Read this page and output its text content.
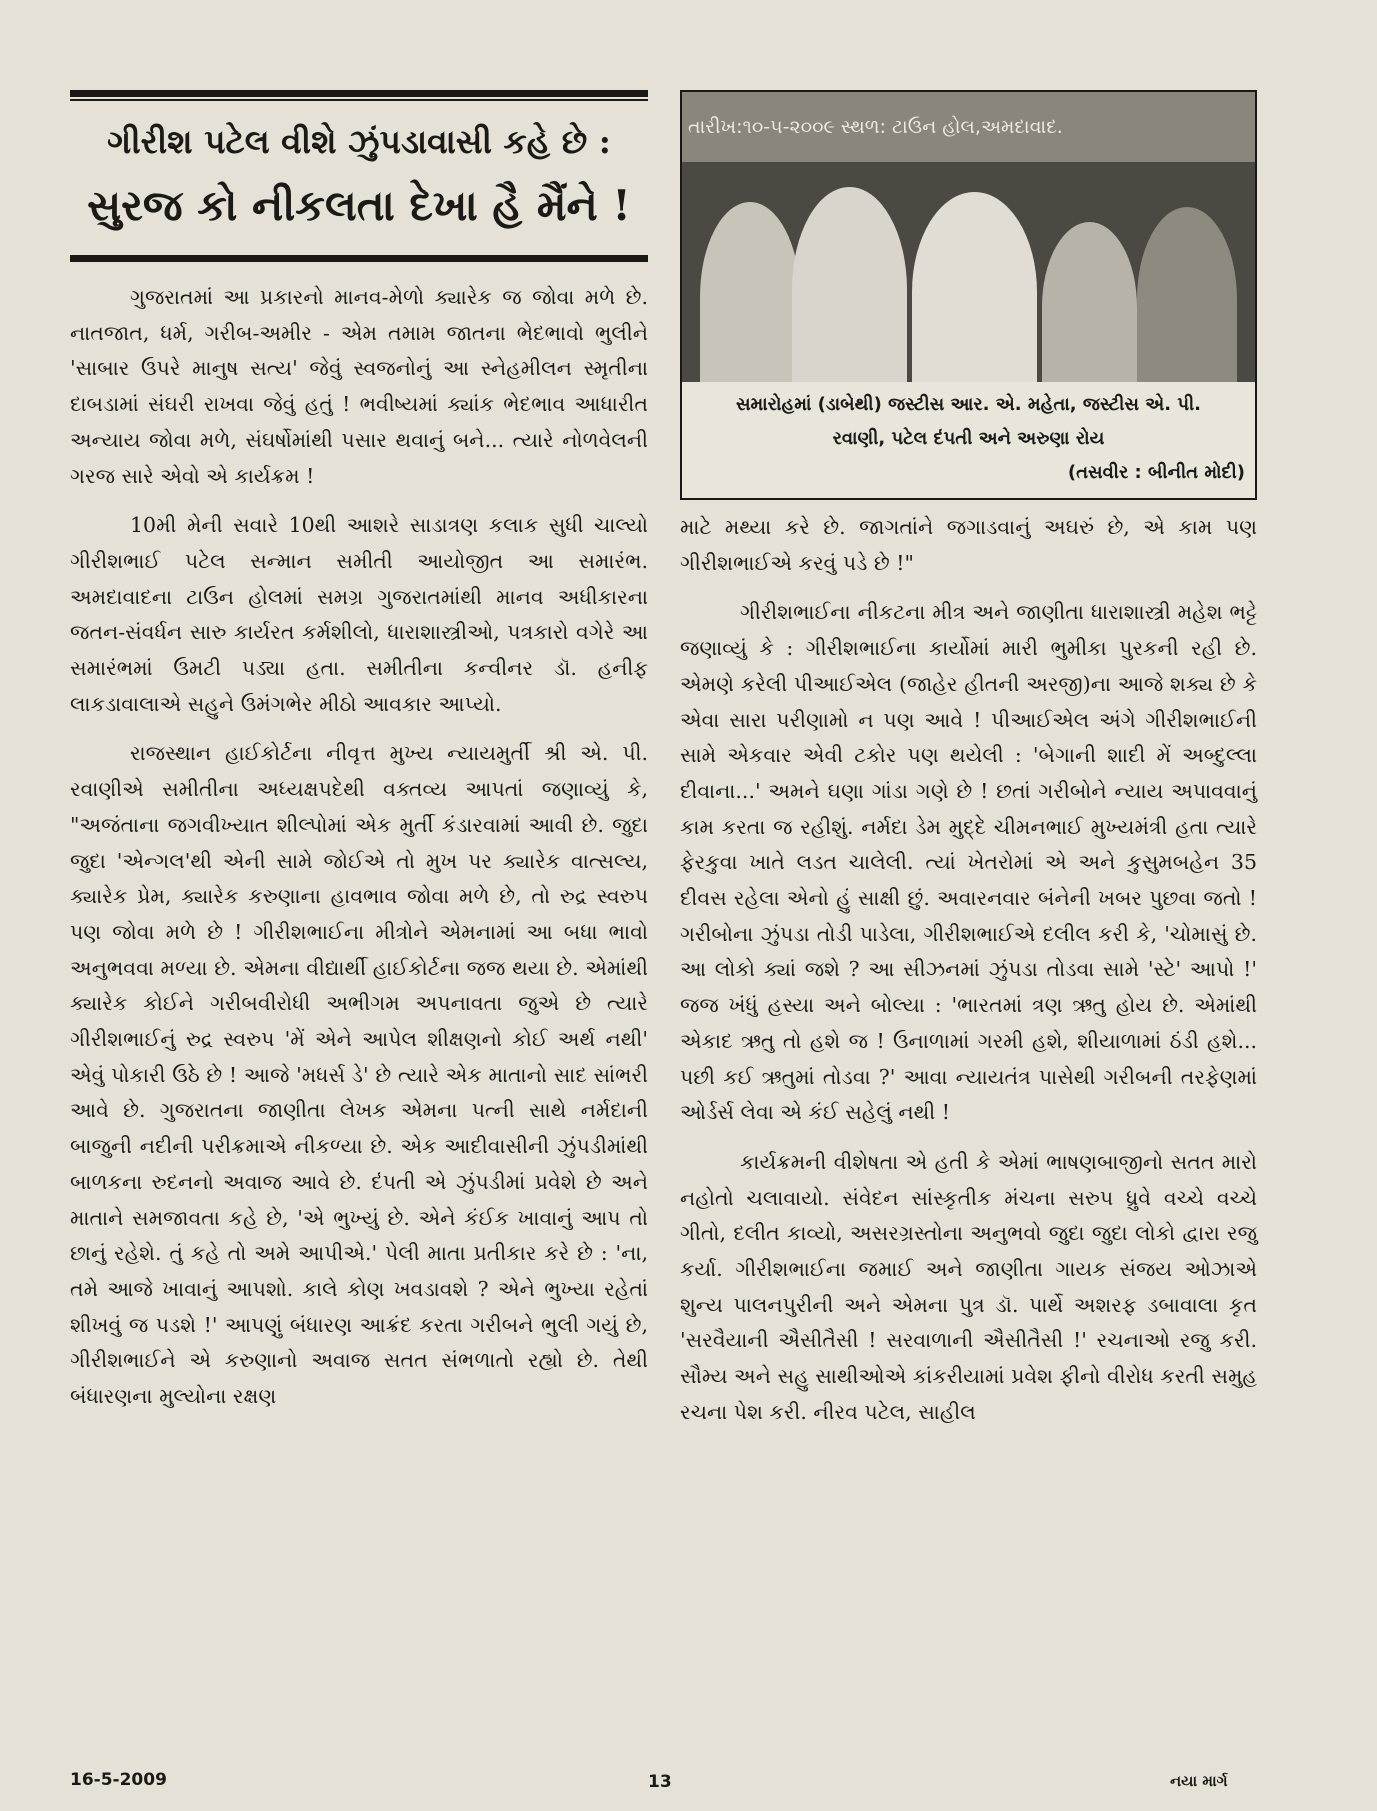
ગીરીશ પટેલ વીશે ઝુંપડાવાસી કહે છે :
સુરજ કો નીકલતા દેખા હૈ મૈંને !

ગુજરાતમાં આ પ્રકારનો માનવ-મેળો ક્યારેક જ જોવા મળે છે. નાતજાત, ધર્મ, ગરીબ-અમીર - એમ તમામ જાતના ભેદભાવો ભુલીને 'સાબાર ઉપરે માનુષ સત્ય' જેવું સ્વજનોનું આ સ્નેહમીલન સ્મૃતીના દાબડામાં સંઘરી રાખવા જેવું હતું ! ભવીષ્યમાં ક્યાંક ભેદભાવ આધારીત અન્યાય જોવા મળે, સંઘર્ષોમાંથી પસાર થવાનું બને... ત્યારે નોળવેલની ગરજ સારે એવો એ કાર્યક્રમ !

10મી મેની સવારે 10થી આશરે સાડાત્રણ કલાક સુધી ચાલ્યો ગીરીશભાઈ પટેલ સન્માન સમીતી આયોજીત આ સમારંભ. અમદાવાદના ટાઉન હોલમાં સમગ્ર ગુજરાતમાંથી માનવ અધીકારના જતન-સંવર્ધન સારુ કાર્યરત કર્મશીલો, ધારાશાસ્ત્રીઓ, પત્રકારો વગેરે આ સમારંભમાં ઉમટી પડ્યા હતા. સમીતીના કન્વીનર ડૉ. હનીફ લાકડાવાલાએ સહુને ઉમંગભેર મીઠો આવકાર આપ્યો.

રાજસ્થાન હાઈકોર્ટના નીવૃત્ત મુખ્ય ન્યાયમુર્તી શ્રી એ. પી. રવાણીએ સમીતીના અધ્યક્ષપદેથી વક્તવ્ય આપતાં જણાવ્યું કે, "અજંતાના જગવીખ્યાત શીલ્પોમાં એક મુર્તી કંડારવામાં આવી છે. જુદા જુદા 'એન્ગલ'થી એની સામે જોઈએ તો મુખ પર ક્યારેક વાત્સલ્ય, ક્યારેક પ્રેમ, ક્યારેક કરુણાના હાવભાવ જોવા મળે છે, તો રુદ્ર સ્વરુપ પણ જોવા મળે છે ! ગીરીશભાઈના મીત્રોને એમનામાં આ બધા ભાવો અનુભવવા મળ્યા છે. એમના વીદ્યાર્થી હાઈકોર્ટના જજ થયા છે. એમાંથી ક્યારેક કોઈને ગરીબવીરોધી અભીગમ અપનાવતા જુએ છે ત્યારે ગીરીશભાઈનું રુદ્ર સ્વરુપ 'મેં એને આપેલ શીક્ષણનો કોઈ અર્થ નથી' એવું પોકારી ઉઠે છે ! આજે 'મધર્સ ડે' છે ત્યારે એક માતાનો સાદ સાંભરી આવે છે. ગુજરાતના જાણીતા લેખક એમના પત્ની સાથે નર્મદાની બાજુની નદીની પરીક્રમાએ નીકળ્યા છે. એક આદીવાસીની ઝુંપડીમાંથી બાળકના રુદનનો અવાજ આવે છે. દંપતી એ ઝુંપડીમાં પ્રવેશે છે અને માતાને સમજાવતા કહે છે, 'એ ભુખ્યું છે. એને કંઈક ખાવાનું આપ તો છાનું રહેશે. તું કહે તો અમે આપીએ.' પેલી માતા પ્રતીકાર કરે છે : 'ના, તમે આજે ખાવાનું આપશો. કાલે કોણ ખવડાવશે ? એને ભુખ્યા રહેતાં શીખવું જ પડશે !' આપણું બંધારણ આક્રંદ કરતા ગરીબને ભુલી ગયું છે, ગીરીશભાઈને એ કરુણાનો અવાજ સતત સંભળાતો રહ્યો છે. તેથી બંધારણના મુલ્યોના રક્ષણ

તારીખ:૧૦-૫-૨૦૦૯ સ્થળ: ટાઉન હોલ,અમદાવાદ.
સમારોહમાં (ડાબેથી) જસ્ટીસ આર. એ. મહેતા, જસ્ટીસ એ. પી.
રવાણી, પટેલ દંપતી અને અરુણા રોય
(તસવીર : બીનીત મોદી)

માટે મથ્યા કરે છે. જાગતાંને જગાડવાનું અઘરું છે, એ કામ પણ ગીરીશભાઈએ કરવું પડે છે !"

ગીરીશભાઈના નીકટના મીત્ર અને જાણીતા ધારાશાસ્ત્રી મહેશ ભટ્ટે જણાવ્યું કે : ગીરીશભાઈના કાર્યોમાં મારી ભુમીકા પુરકની રહી છે. એમણે કરેલી પીઆઈએલ (જાહેર હીતની અરજી)ના આજે શક્ય છે કે એવા સારા પરીણામો ન પણ આવે ! પીઆઈએલ અંગે ગીરીશભાઈની સામે એકવાર એવી ટકોર પણ થયેલી : 'બેગાની શાદી મેં અબ્દુલ્લા દીવાના...' અમને ઘણા ગાંડા ગણે છે ! છતાં ગરીબોને ન્યાય અપાવવાનું કામ કરતા જ રહીશું. નર્મદા ડેમ મુદ્દે ચીમનભાઈ મુખ્યમંત્રી હતા ત્યારે ફેરકુવા ખાતે લડત ચાલેલી. ત્યાં ખેતરોમાં એ અને કુસુમબહેન 35 દીવસ રહેલા એનો હું સાક્ષી છું. અવારનવાર બંનેની ખબર પુછવા જતો ! ગરીબોના ઝુંપડા તોડી પાડેલા, ગીરીશભાઈએ દલીલ કરી કે, 'ચોમાસું છે. આ લોકો ક્યાં જશે ? આ સીઝનમાં ઝુંપડા તોડવા સામે 'સ્ટે' આપો !' જજ ખંધું હસ્યા અને બોલ્યા : 'ભારતમાં ત્રણ ઋતુ હોય છે. એમાંથી એકાદ ઋતુ તો હશે જ ! ઉનાળામાં ગરમી હશે, શીયાળામાં ઠંડી હશે... પછી કઈ ઋતુમાં તોડવા ?' આવા ન્યાયતંત્ર પાસેથી ગરીબની તરફેણમાં ઓર્ડર્સ લેવા એ કંઈ સહેલું નથી !

કાર્યક્રમની વીશેષતા એ હતી કે એમાં ભાષણબાજીનો સતત મારો નહોતો ચલાવાયો. સંવેદન સાંસ્કૃતીક મંચના સરુપ ધ્રુવે વચ્ચે વચ્ચે ગીતો, દલીત કાવ્યો, અસરગ્રસ્તોના અનુભવો જુદા જુદા લોકો દ્વારા રજુ કર્યા. ગીરીશભાઈના જમાઈ અને જાણીતા ગાયક સંજય ઓઝાએ શુન્ય પાલનપુરીની અને એમના પુત્ર ડૉ. પાર્થે અશરફ ડબાવાલા કૃત 'સરવૈયાની ઐસીતૈસી ! સરવાળાની ઐસીતૈસી !' રચનાઓ રજુ કરી. સૌમ્ય અને સહુ સાથીઓએ કાંકરીયામાં પ્રવેશ ફીનો વીરોધ કરતી સમુહ રચના પેશ કરી. નીરવ પટેલ, સાહીલ

16-5-2009	13	નયા માર્ગ
